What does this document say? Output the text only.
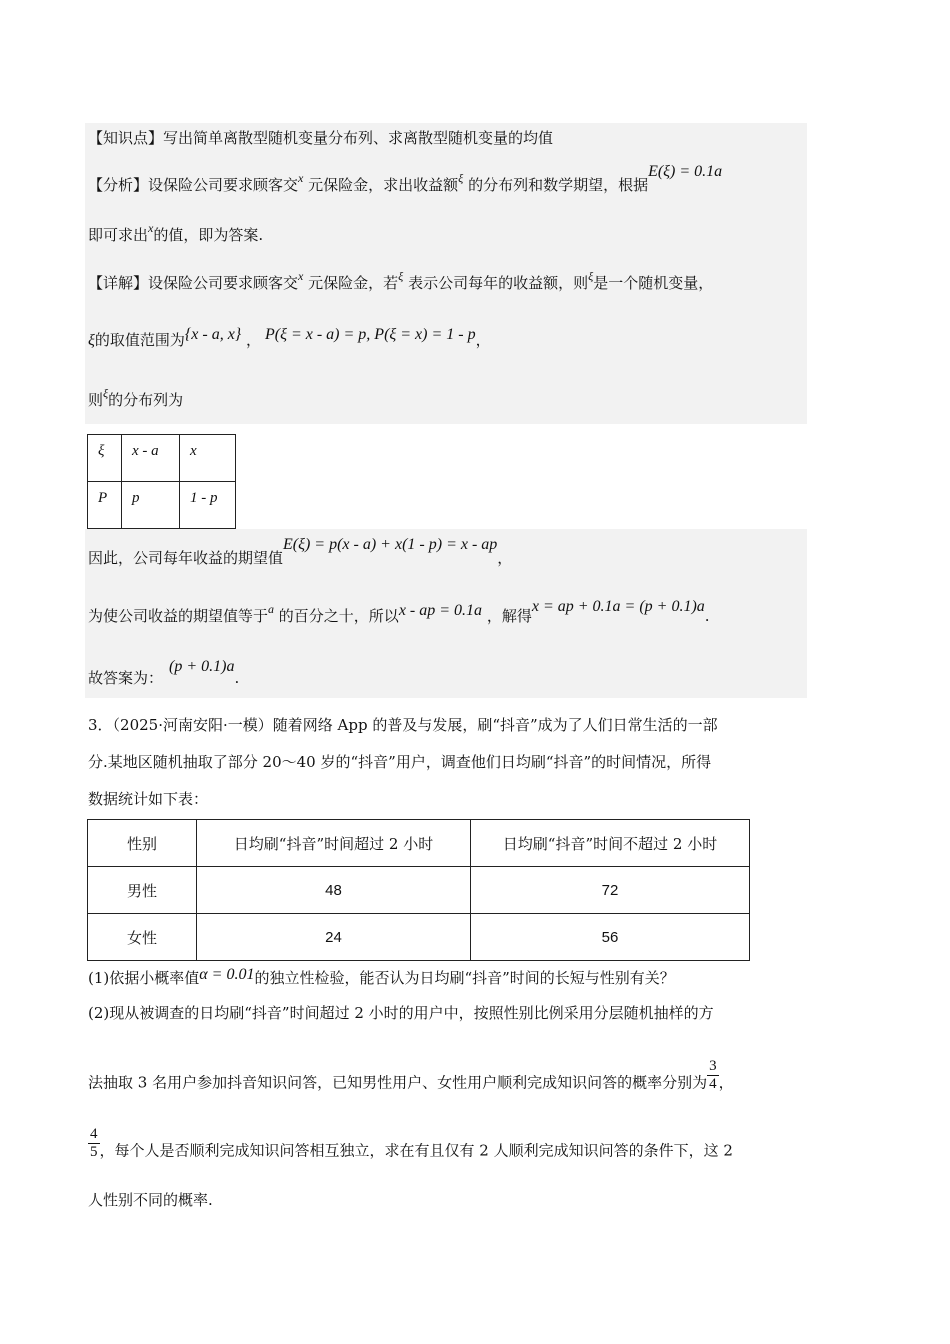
【知识点】写出简单离散型随机变量分布列、求离散型随机变量的均值
【分析】设保险公司要求顾客交$^x$ 元保险金，求出收益额$^\xi$ 的分布列和数学期望，根据E(ξ) = 0.1a
即可求出$^x$的值，即为答案.
【详解】设保险公司要求顾客交$^x$ 元保险金，若$^\xi$ 表示公司每年的收益额，则$^\xi$是一个随机变量，
ξ的取值范围为{x - a, x} ， P(ξ = x - a) = p, P(ξ = x) = 1 - p，
则$^\xi$的分布列为
ξ	x - a	x
P	p	1 - p
因此，公司每年收益的期望值E(ξ) = p(x - a) + x(1 - p) = x - ap，
为使公司收益的期望值等于$^a$ 的百分之十，所以x - ap = 0.1a ，解得x = ap + 0.1a = (p + 0.1)a.
故答案为：(p + 0.1)a.
3．（2025·河南安阳·一模）随着网络 App 的普及与发展，刷“抖音”成为了人们日常生活的一部
分.某地区随机抽取了部分 20～40 岁的“抖音”用户，调查他们日均刷“抖音”的时间情况，所得
数据统计如下表：
性别	日均刷“抖音”时间超过 2 小时	日均刷“抖音”时间不超过 2 小时
男性	48	72
女性	24	56
(1)依据小概率值α = 0.01的独立性检验，能否认为日均刷“抖音”时间的长短与性别有关？
(2)现从被调查的日均刷“抖音”时间超过 2 小时的用户中，按照性别比例采用分层随机抽样的方
法抽取 3 名用户参加抖音知识问答，已知男性用户、女性用户顺利完成知识问答的概率分别为 $\frac{3}{4}$ ，
$\frac{4}{5}$ ，每个人是否顺利完成知识问答相互独立，求在有且仅有 2 人顺利完成知识问答的条件下，这 2
人性别不同的概率.
